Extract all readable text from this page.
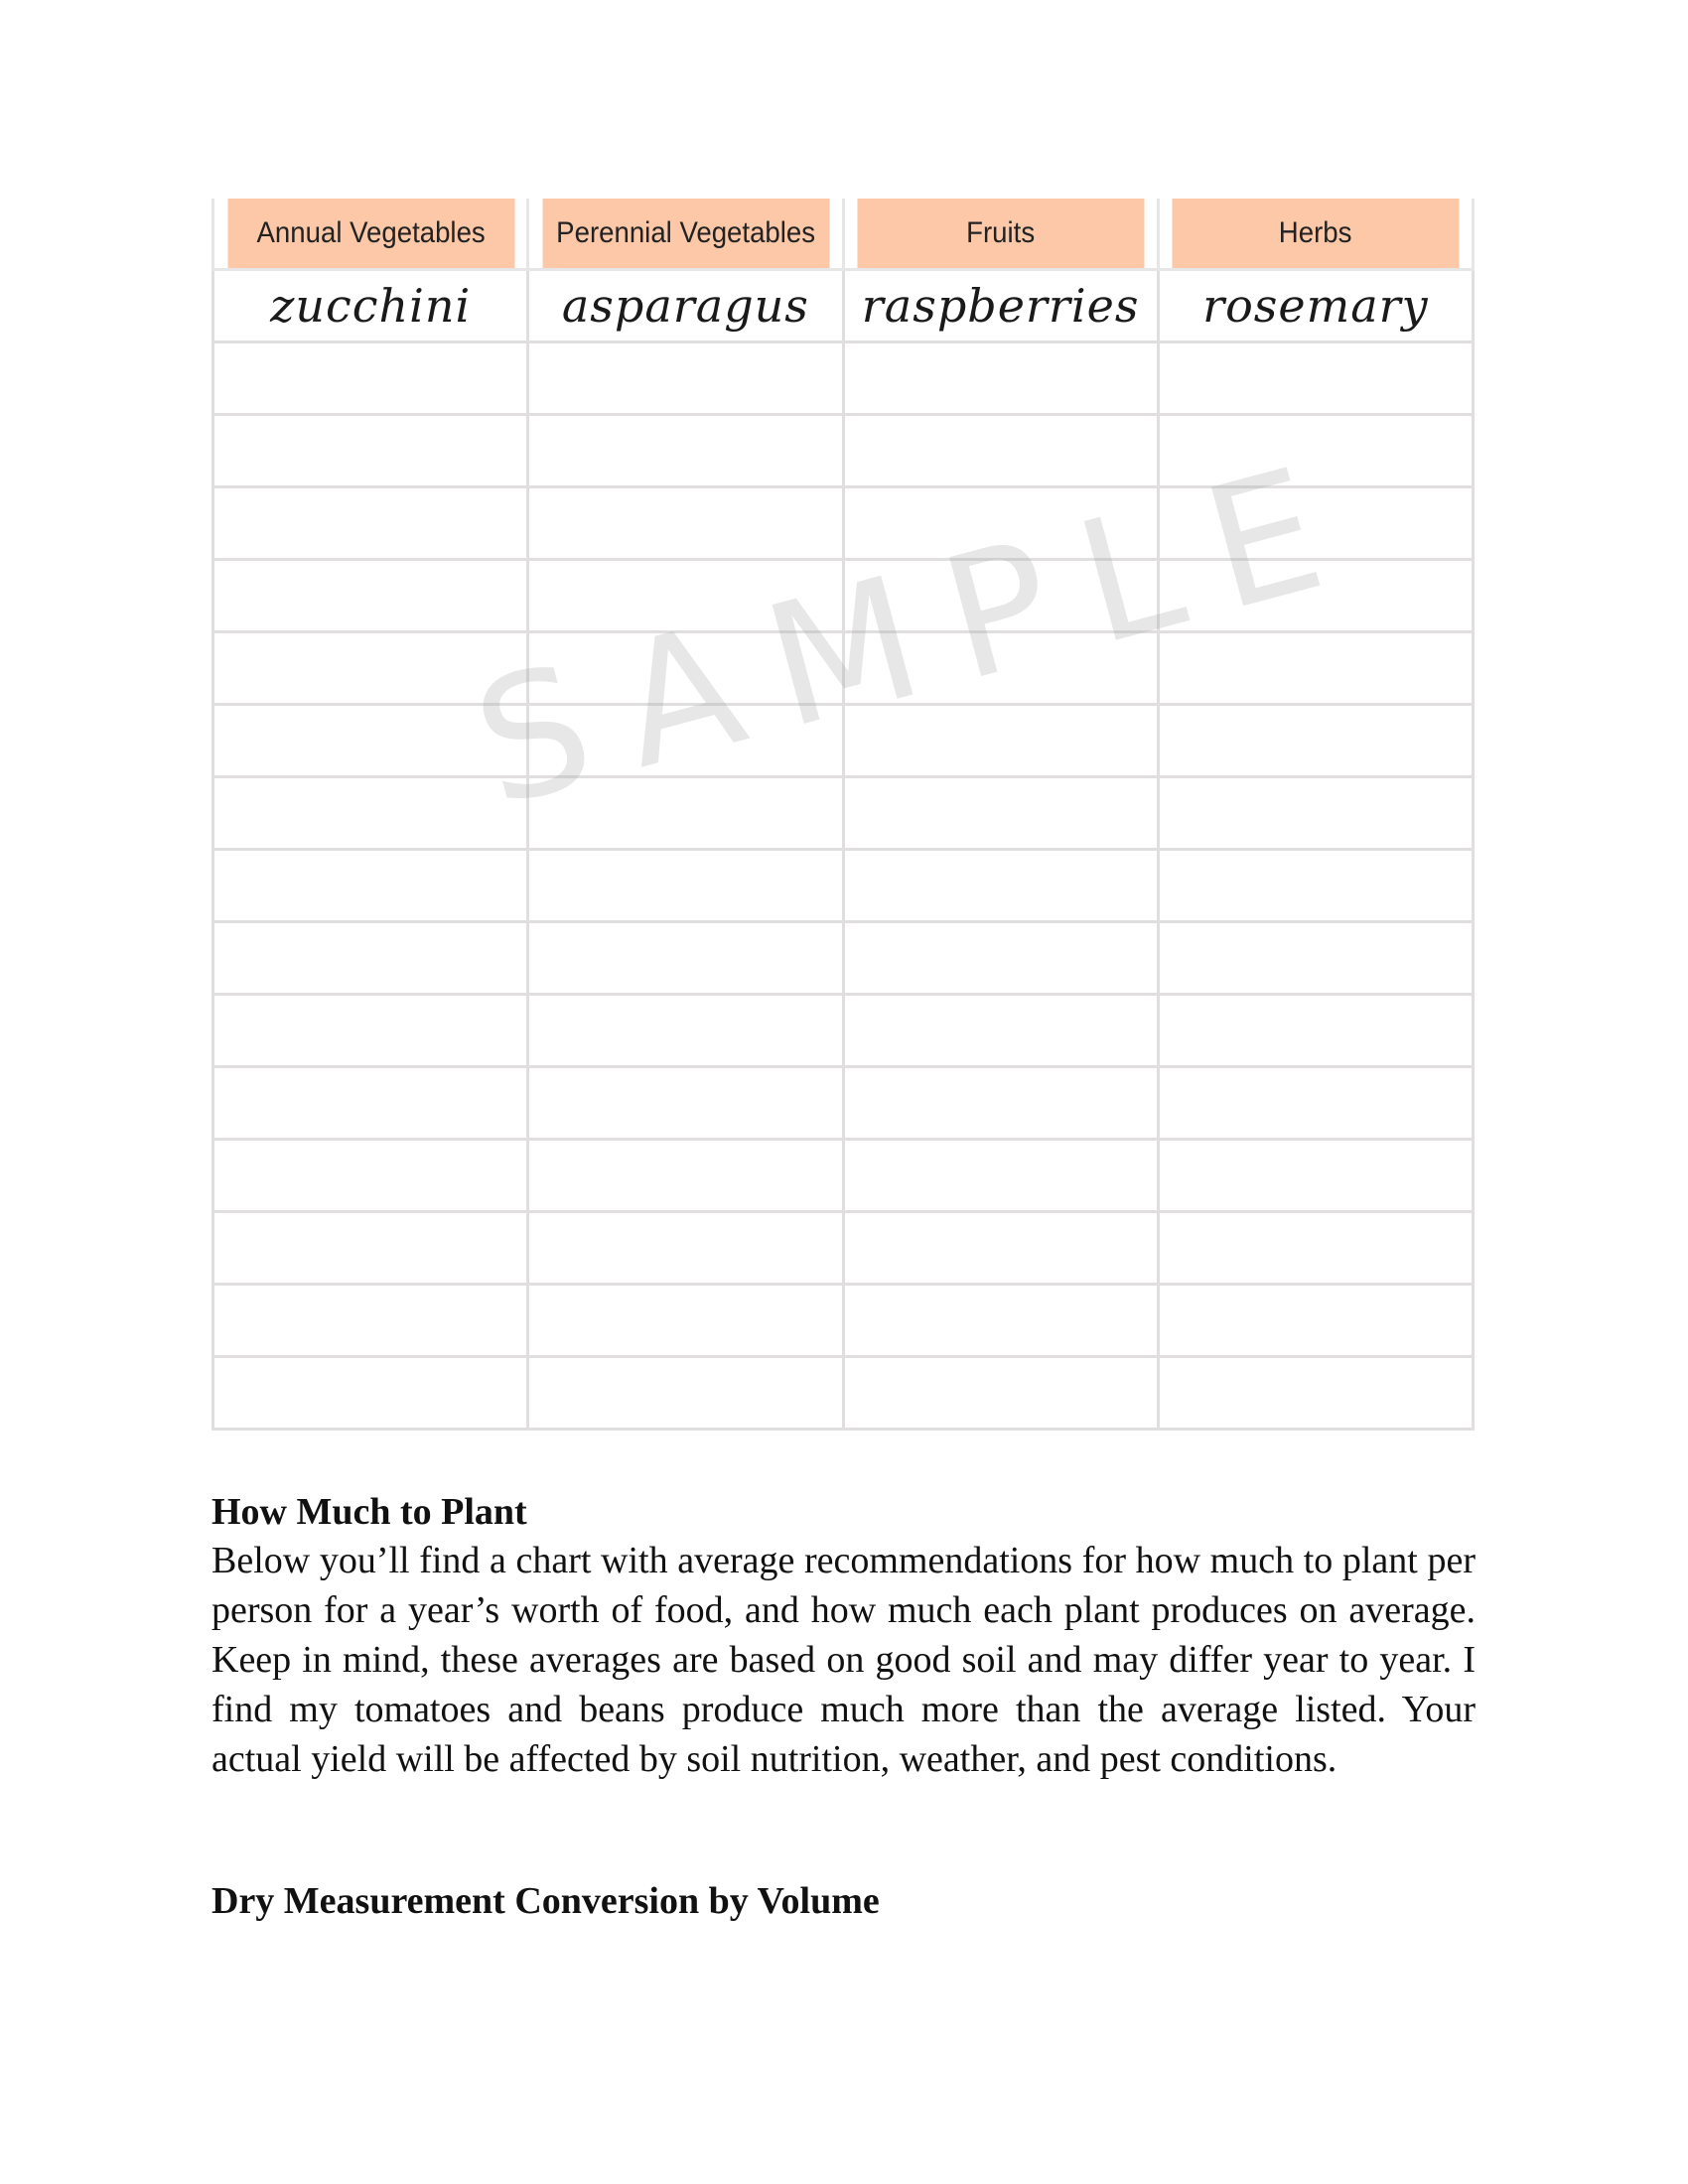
Annual Vegetables	Perennial Vegetables	Fruits	Herbs
zucchini	asparagus	raspberries	rosemary

SAMPLE
How Much to Plant

Below you’ll find a chart with average recommendations for how much to plant per person for a year’s worth of food, and how much each plant produces on average. Keep in mind, these averages are based on good soil and may differ year to year. I find my tomatoes and beans produce much more than the average listed. Your actual yield will be affected by soil nutrition, weather, and pest conditions.

Dry Measurement Conversion by Volume
